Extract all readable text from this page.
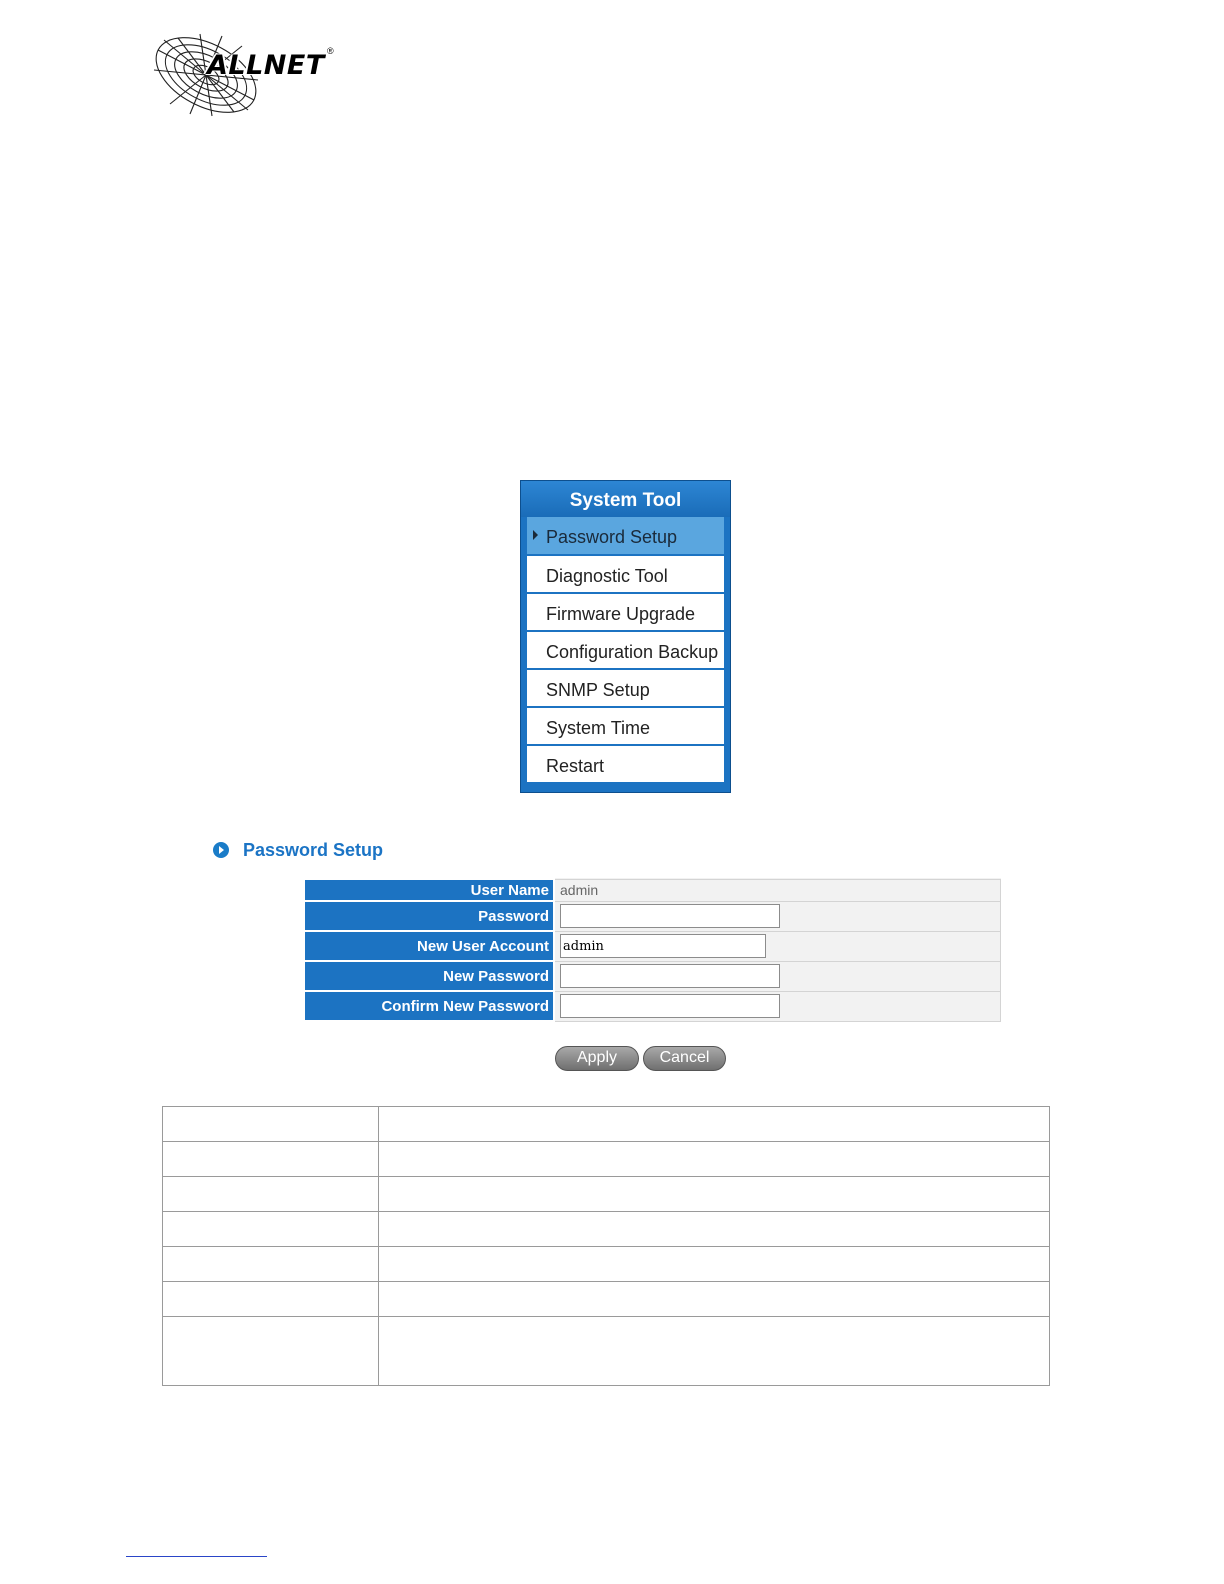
ALLNET ®
System Tool
Password Setup
Diagnostic Tool
Firmware Upgrade
Configuration Backup
SNMP Setup
System Time
Restart
Password Setup
User Name	admin
Password	
New User Account	admin
New Password	
Confirm New Password	
Apply	Cancel
